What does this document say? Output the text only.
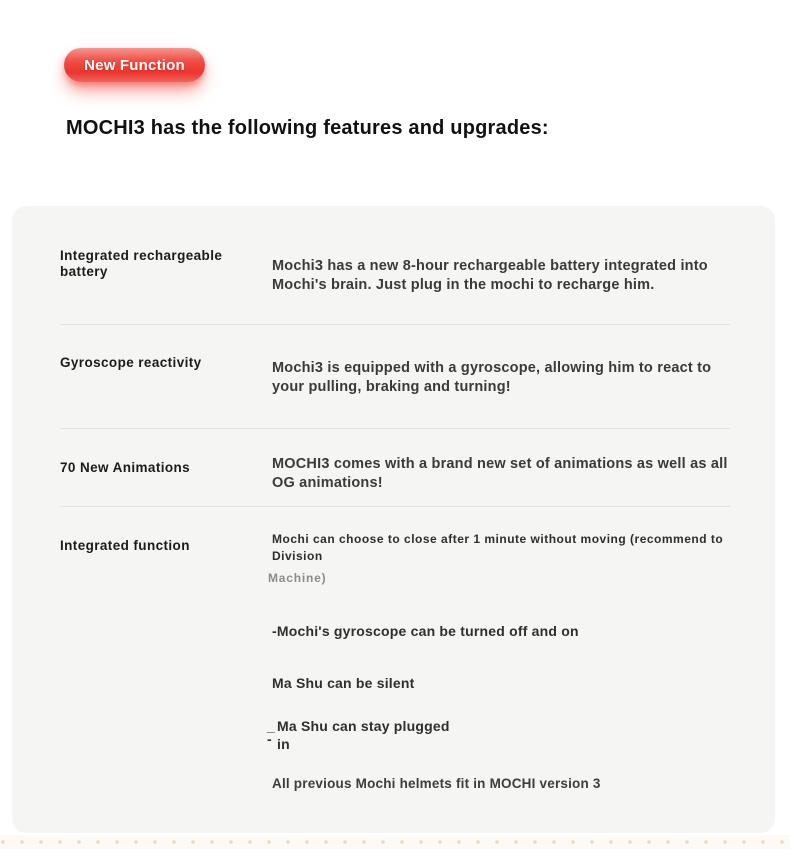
New Function
MOCHI3 has the following features and upgrades:
Integrated rechargeable battery	Mochi3 has a new 8-hour rechargeable battery integrated into Mochi's brain. Just plug in the mochi to recharge him.
Gyroscope reactivity	Mochi3 is equipped with a gyroscope, allowing him to react to your pulling, braking and turning!
70 New Animations	MOCHI3 comes with a brand new set of animations as well as all OG animations!
Integrated function	Mochi can choose to close after 1 minute without moving (recommend to
Division

Machine)

-Mochi's gyroscope can be turned off and on

Ma Shu can be silent

_ Ma Shu can stay plugged
- in

All previous Mochi helmets fit in MOCHI version 3
